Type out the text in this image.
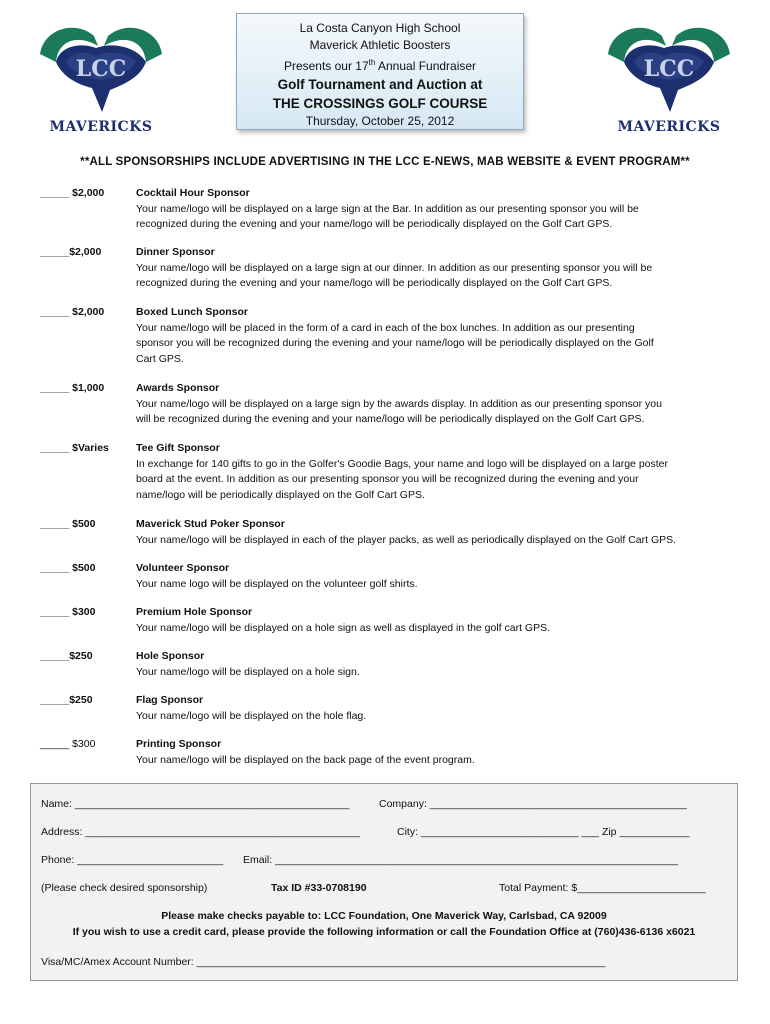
LCC
MAVERICKS
La Costa Canyon High School
Maverick Athletic Boosters
Presents our 17th Annual Fundraiser
Golf Tournament and Auction at
THE CROSSINGS GOLF COURSE
Thursday, October 25, 2012
LCC
MAVERICKS
**ALL SPONSORSHIPS INCLUDE ADVERTISING IN THE LCC E-NEWS, MAB WEBSITE & EVENT PROGRAM**
_____ $2,000	Cocktail Hour Sponsor
Your name/logo will be displayed on a large sign at the Bar. In addition as our presenting sponsor you will be
recognized during the evening and your name/logo will be periodically displayed on the Golf Cart GPS.
_____$2,000	Dinner Sponsor
Your name/logo will be displayed on a large sign at our dinner. In addition as our presenting sponsor you will be
recognized during the evening and your name/logo will be periodically displayed on the Golf Cart GPS.
_____ $2,000	Boxed Lunch Sponsor
Your name/logo will be placed in the form of a card in each of the box lunches. In addition as our presenting
sponsor you will be recognized during the evening and your name/logo will be periodically displayed on the Golf
Cart GPS.
_____ $1,000	Awards Sponsor
Your name/logo will be displayed on a large sign by the awards display. In addition as our presenting sponsor you
will be recognized during the evening and your name/logo will be periodically displayed on the Golf Cart GPS.
_____ $Varies	Tee Gift Sponsor
In exchange for 140 gifts to go in the Golfer's Goodie Bags, your name and logo will be displayed on a large poster
board at the event. In addition as our presenting sponsor you will be recognized during the evening and your
name/logo will be periodically displayed on the Golf Cart GPS.
_____ $500	Maverick Stud Poker Sponsor
Your name/logo will be displayed in each of the player packs, as well as periodically displayed on the Golf Cart GPS.
_____ $500	Volunteer Sponsor
Your name logo will be displayed on the volunteer golf shirts.
_____ $300	Premium Hole Sponsor
Your name/logo will be displayed on a hole sign as well as displayed in the golf cart GPS.
_____$250	Hole Sponsor
Your name/logo will be displayed on a hole sign.
_____$250	Flag Sponsor
Your name/logo will be displayed on the hole flag.
_____ $300	Printing Sponsor
Your name/logo will be displayed on the back page of the event program.
Name: _______________________________________________	Company: ____________________________________________
Address: _______________________________________________	City: ___________________________ ___ Zip ____________
Phone: _________________________ Email: _____________________________________________________________________
(Please check desired sponsorship)	Tax ID #33-0708190	Total Payment: $______________________
Please make checks payable to: LCC Foundation, One Maverick Way, Carlsbad, CA 92009
If you wish to use a credit card, please provide the following information or call the Foundation Office at (760)436-6136 x6021
Visa/MC/Amex Account Number: ______________________________________________________________________
